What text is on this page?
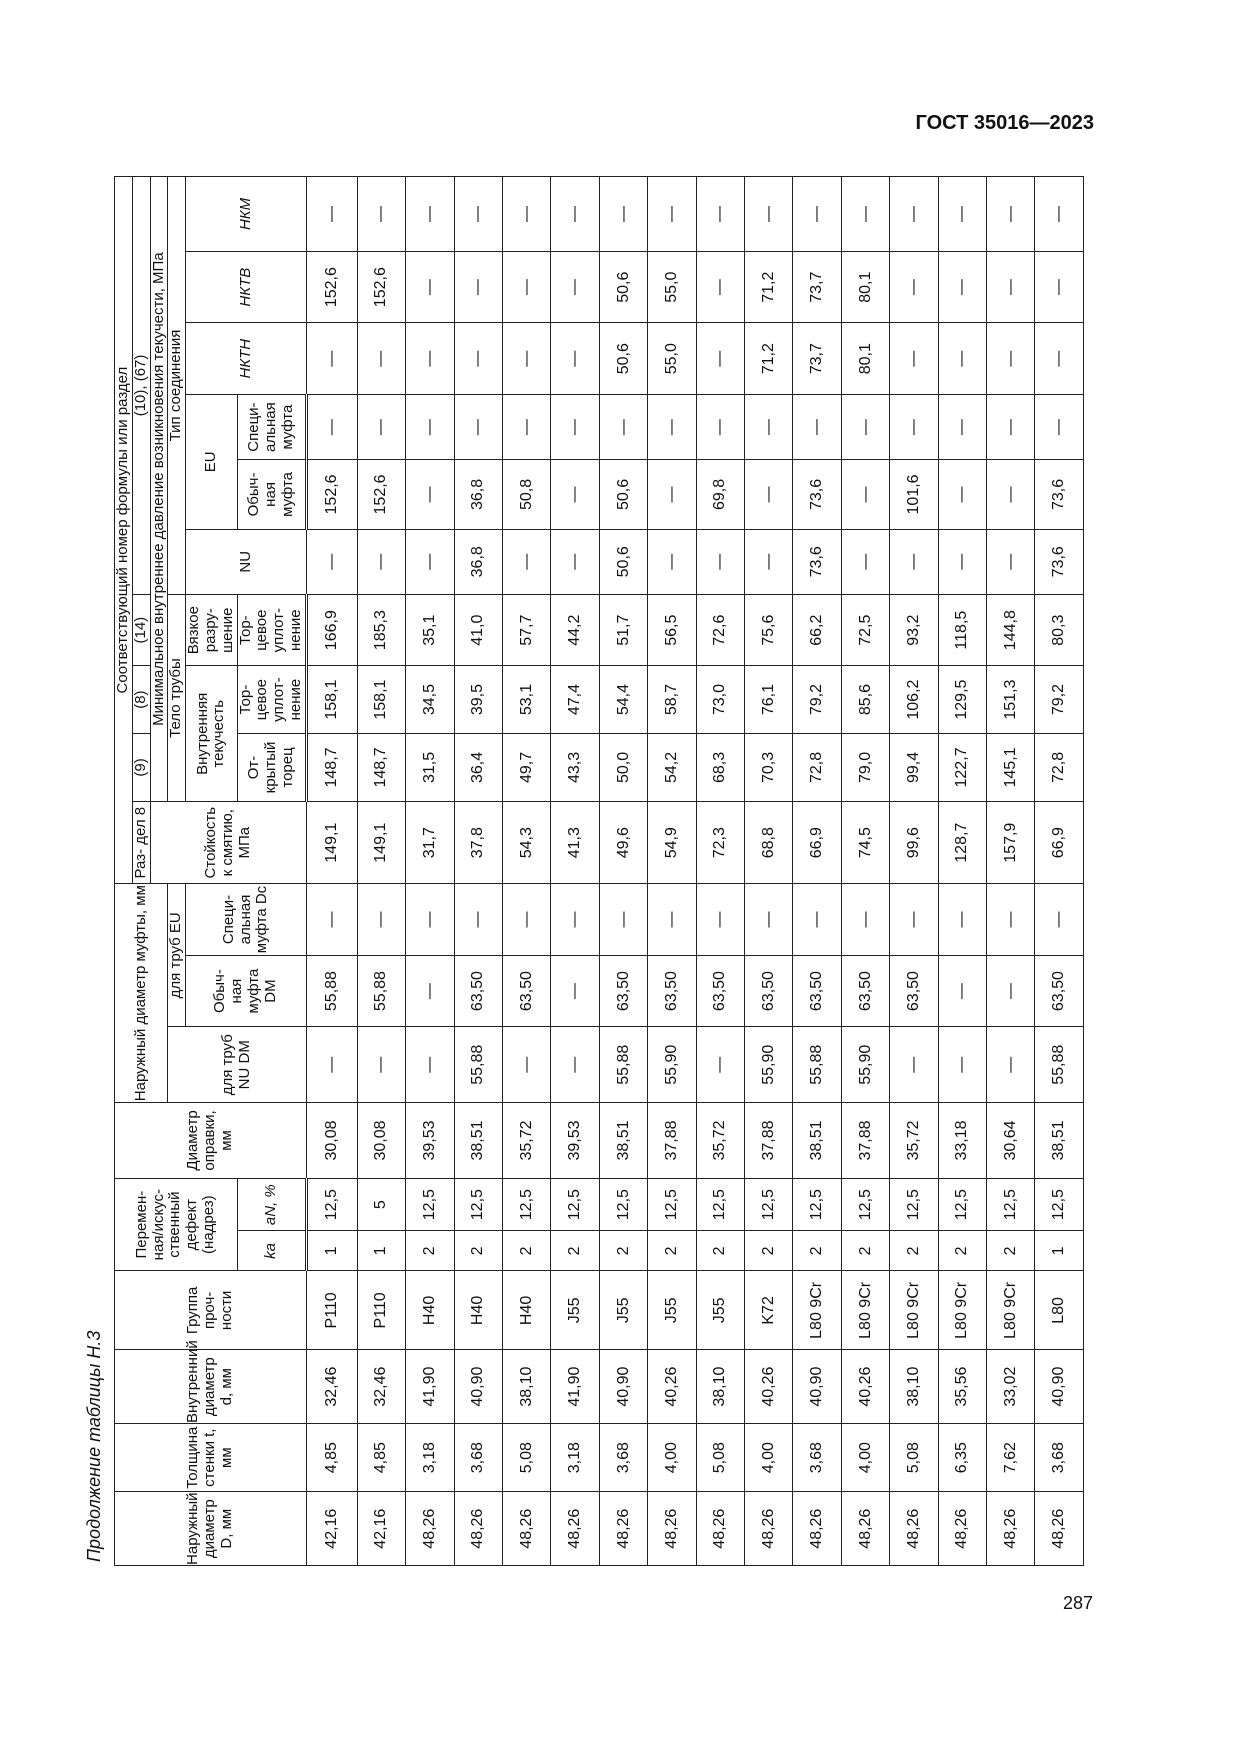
ГОСТ 35016—2023
Продолжение таблицы Н.3	Наружный диаметр D, мм	Толщина стенки t, мм	Внутренний диаметр d, мм	Группа проч- ности	Перемен- ная/искус- ственный дефект (надрез)		Диаметр оправки, мм	Наружный диаметр муфты, мм			Соответствующий номер формулы или раздел									
										Раз- дел 8	(9)	(8)	(14)	(10), (67)					
										Стойкость к смятию, МПа	Минимальное внутреннее давление возникновения текучести, МПа								
							для труб NU DM	для труб EU			Тело трубы			Тип соединения					
								Обыч- ная муфта DM	Специ- альная муфта Dc		Внутренняя текучесть		Вязкое разру- шение	NU	EU		НКТН	НКТВ	НКМ
				ka	aN, %						От- крытый торец	Тор- цевое уплот- нение	Тор- цевое уплот- нение		Обыч- ная муфта	Специ- альная муфта			
42,16	4,85	32,46	P110	1	12,5	30,08	—	55,88	—	149,1	148,7	158,1	166,9	—	152,6	—	—	152,6	—
42,16	4,85	32,46	P110	1	5	30,08	—	55,88	—	149,1	148,7	158,1	185,3	—	152,6	—	—	152,6	—
48,26	3,18	41,90	H40	2	12,5	39,53	—	—	—	31,7	31,5	34,5	35,1	—	—	—	—	—	—
48,26	3,68	40,90	H40	2	12,5	38,51	55,88	63,50	—	37,8	36,4	39,5	41,0	36,8	36,8	—	—	—	—
48,26	5,08	38,10	H40	2	12,5	35,72	—	63,50	—	54,3	49,7	53,1	57,7	—	50,8	—	—	—	—
48,26	3,18	41,90	J55	2	12,5	39,53	—	—	—	41,3	43,3	47,4	44,2	—	—	—	—	—	—
48,26	3,68	40,90	J55	2	12,5	38,51	55,88	63,50	—	49,6	50,0	54,4	51,7	50,6	50,6	—	50,6	50,6	—
48,26	4,00	40,26	J55	2	12,5	37,88	55,90	63,50	—	54,9	54,2	58,7	56,5	—	—	—	55,0	55,0	—
48,26	5,08	38,10	J55	2	12,5	35,72	—	63,50	—	72,3	68,3	73,0	72,6	—	69,8	—	—	—	—
48,26	4,00	40,26	K72	2	12,5	37,88	55,90	63,50	—	68,8	70,3	76,1	75,6	—	—	—	71,2	71,2	—
48,26	3,68	40,90	L80 9Cr	2	12,5	38,51	55,88	63,50	—	66,9	72,8	79,2	66,2	73,6	73,6	—	73,7	73,7	—
48,26	4,00	40,26	L80 9Cr	2	12,5	37,88	55,90	63,50	—	74,5	79,0	85,6	72,5	—	—	—	80,1	80,1	—
48,26	5,08	38,10	L80 9Cr	2	12,5	35,72	—	63,50	—	99,6	99,4	106,2	93,2	—	101,6	—	—	—	—
48,26	6,35	35,56	L80 9Cr	2	12,5	33,18	—	—	—	128,7	122,7	129,5	118,5	—	—	—	—	—	—
48,26	7,62	33,02	L80 9Cr	2	12,5	30,64	—	—	—	157,9	145,1	151,3	144,8	—	—	—	—	—	—
48,26	3,68	40,90	L80	1	12,5	38,51	55,88	63,50	—	66,9	72,8	79,2	80,3	73,6	73,6	—	—	—	—
287
